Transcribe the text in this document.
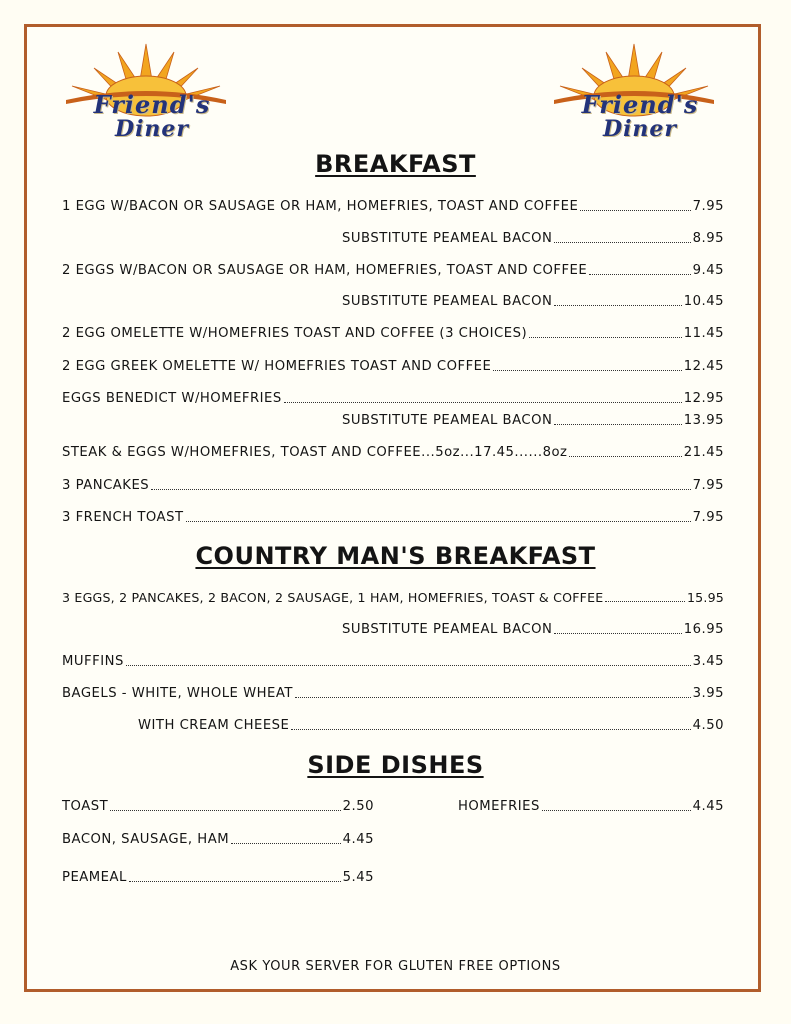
Friend's
Diner
Friend's
Diner
BREAKFAST
COUNTRY MAN'S BREAKFAST
SIDE DISHES
1 EGG W/BACON OR SAUSAGE OR HAM, HOMEFRIES, TOAST AND COFFEE	7.95
SUBSTITUTE PEAMEAL BACON	8.95
2 EGGS W/BACON OR SAUSAGE OR HAM, HOMEFRIES, TOAST AND COFFEE	9.45
SUBSTITUTE PEAMEAL BACON	10.45
2 EGG OMELETTE W/HOMEFRIES TOAST AND COFFEE (3 CHOICES)	11.45
2 EGG GREEK OMELETTE W/ HOMEFRIES TOAST AND COFFEE	12.45
EGGS BENEDICT W/HOMEFRIES	12.95
SUBSTITUTE PEAMEAL BACON	13.95
STEAK & EGGS W/HOMEFRIES, TOAST AND COFFEE...5oz...17.45......8oz	21.45
3 PANCAKES	7.95
3 FRENCH TOAST	7.95
3 EGGS, 2 PANCAKES, 2 BACON, 2 SAUSAGE, 1 HAM, HOMEFRIES, TOAST & COFFEE	15.95
SUBSTITUTE PEAMEAL BACON	16.95
MUFFINS	3.45
BAGELS - WHITE, WHOLE WHEAT	3.95
WITH CREAM CHEESE	4.50
TOAST	2.50	HOMEFRIES	4.45
BACON, SAUSAGE, HAM	4.45
PEAMEAL	5.45
ASK YOUR SERVER FOR GLUTEN FREE OPTIONS
